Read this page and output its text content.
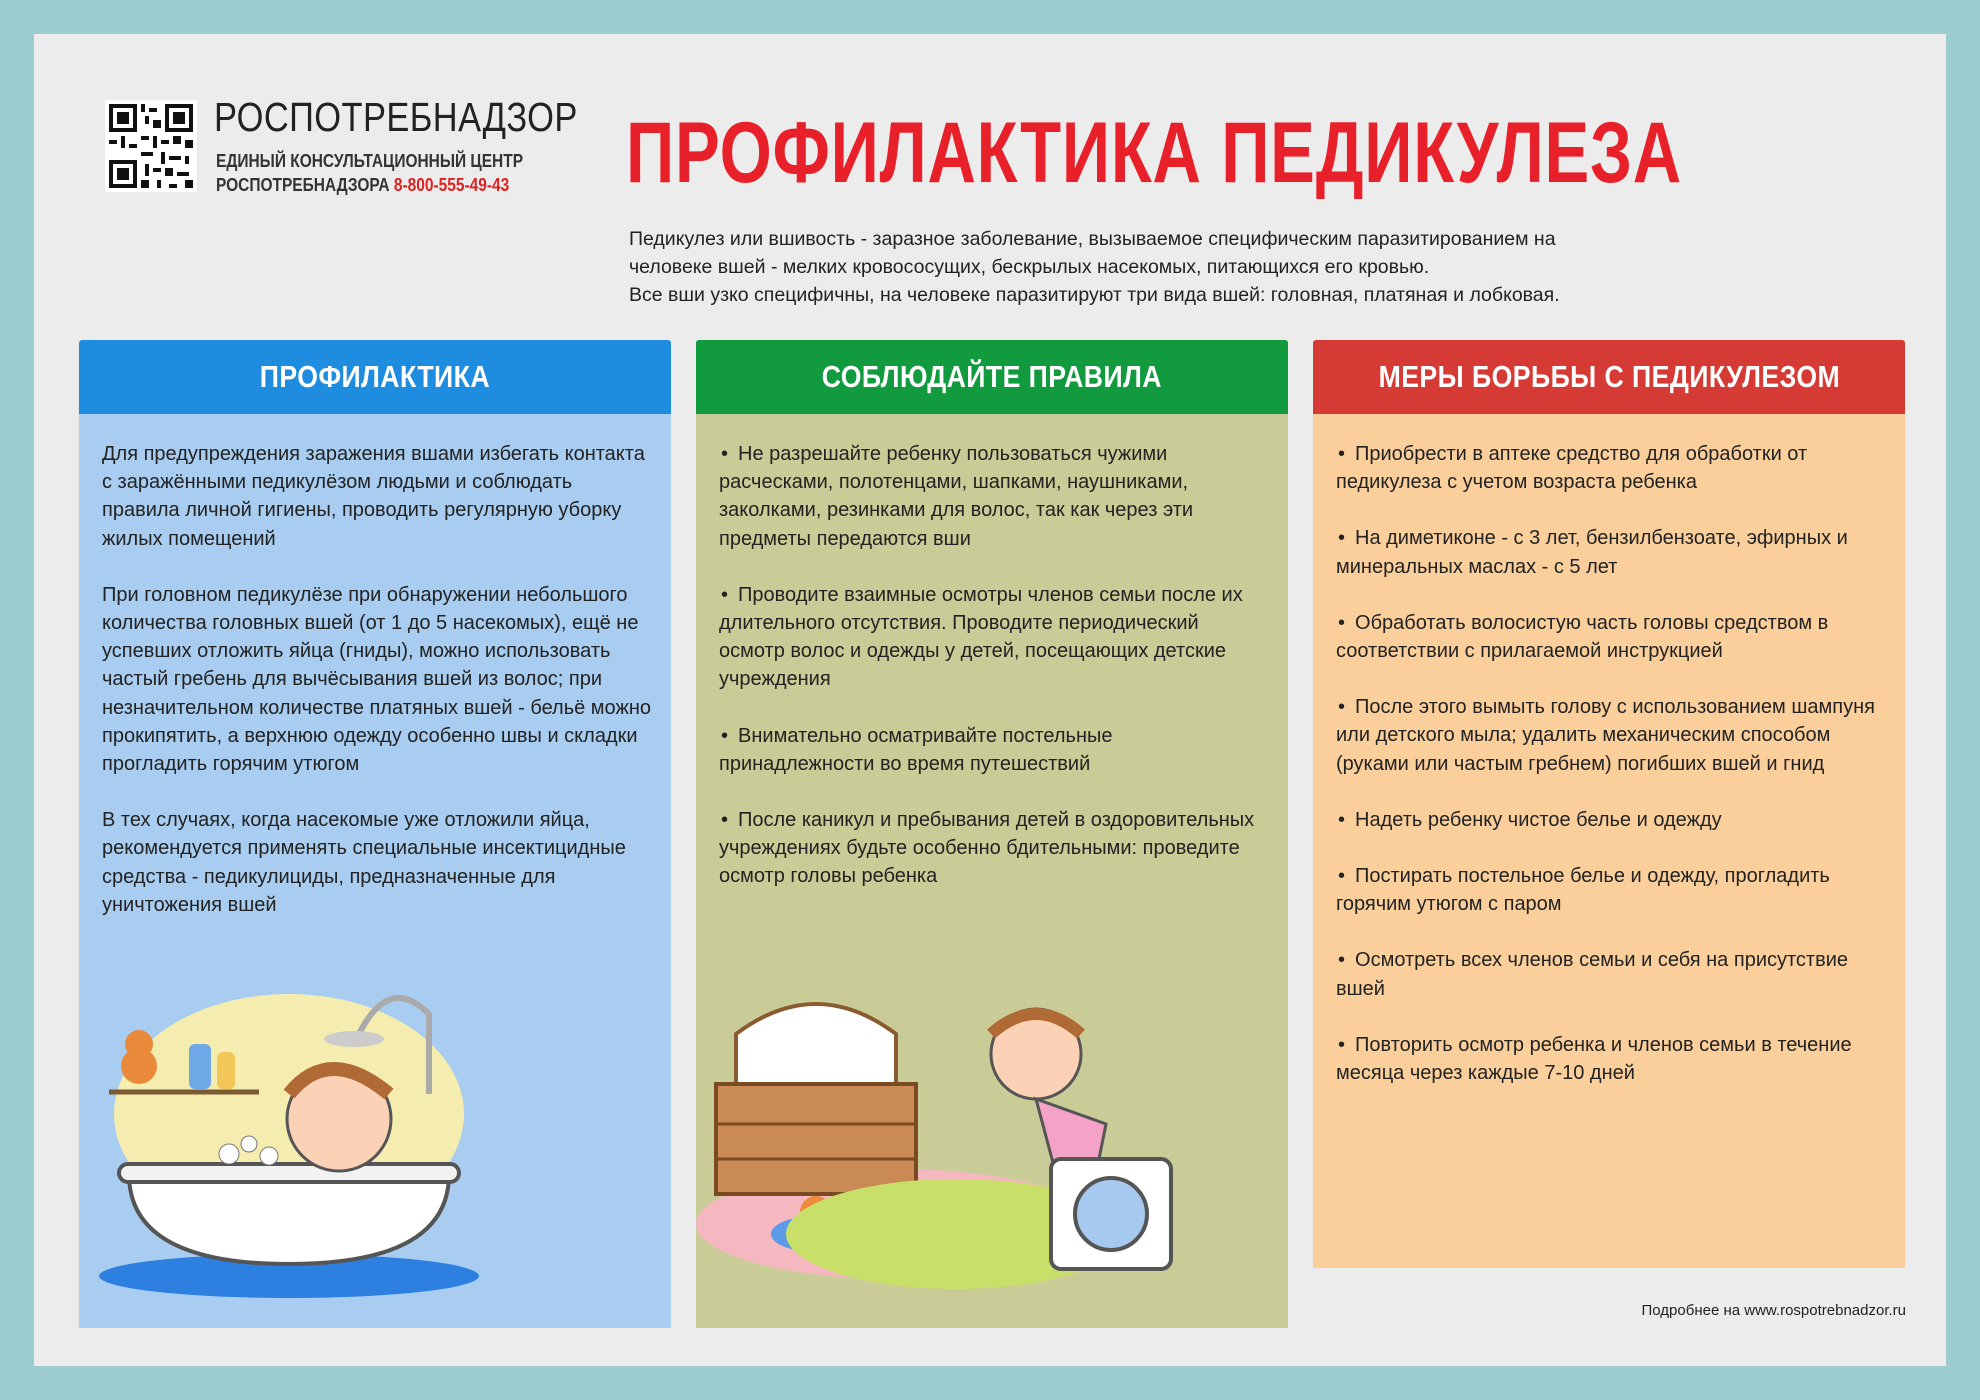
РОСПОТРЕБНАДЗОР
ЕДИНЫЙ КОНСУЛЬТАЦИОННЫЙ ЦЕНТР
РОСПОТРЕБНАДЗОРА 8-800-555-49-43 ПРОФИЛАКТИКА ПЕДИКУЛЕЗА
Педикулез или вшивость - заразное заболевание, вызываемое специфическим паразитированием на
человеке вшей - мелких кровососущих, бескрылых насекомых, питающихся его кровью.
Все вши узко специфичны, на человеке паразитируют три вида вшей: головная, платяная и лобковая.
ПРОФИЛАКТИКА

Для предупреждения заражения вшами избегать контакта с заражёнными педикулёзом людьми и соблюдать правила личной гигиены, проводить регулярную уборку жилых помещений

При головном педикулёзе при обнаружении небольшого количества головных вшей (от 1 до 5 насекомых), ещё не успевших отложить яйца (гниды), можно использовать частый гребень для вычёсывания вшей из волос; при незначительном количестве платяных вшей - бельё можно прокипятить, а верхнюю одежду особенно швы и складки прогладить горячим утюгом

В тех случаях, когда насекомые уже отложили яйца, рекомендуется применять специальные инсектицидные средства - педикулициды, предназначенные для уничтожения вшей

СОБЛЮДАЙТЕ ПРАВИЛА

• Не разрешайте ребенку пользоваться чужими расческами, полотенцами, шапками, наушниками, заколками, резинками для волос, так как через эти предметы передаются вши

• Проводите взаимные осмотры членов семьи после их длительного отсутствия. Проводите периодический осмотр волос и одежды у детей, посещающих детские учреждения

• Внимательно осматривайте постельные принадлежности во время путешествий

• После каникул и пребывания детей в оздоровительных учреждениях будьте особенно бдительными: проведите осмотр головы ребенка

МЕРЫ БОРЬБЫ С ПЕДИКУЛЕЗОМ

• Приобрести в аптеке средство для обработки от педикулеза с учетом возраста ребенка

• На диметиконе - с 3 лет, бензилбензоате, эфирных и минеральных маслах - с 5 лет

• Обработать волосистую часть головы средством в соответствии с прилагаемой инструкцией

• После этого вымыть голову с использованием шампуня или детского мыла; удалить механическим способом (руками или частым гребнем) погибших вшей и гнид

• Надеть ребенку чистое белье и одежду

• Постирать постельное белье и одежду, прогладить горячим утюгом с паром

• Осмотреть всех членов семьи и себя на присутствие вшей

• Повторить осмотр ребенка и членов семьи в течение месяца через каждые 7-10 дней

Подробнее на www.rospotrebnadzor.ru
